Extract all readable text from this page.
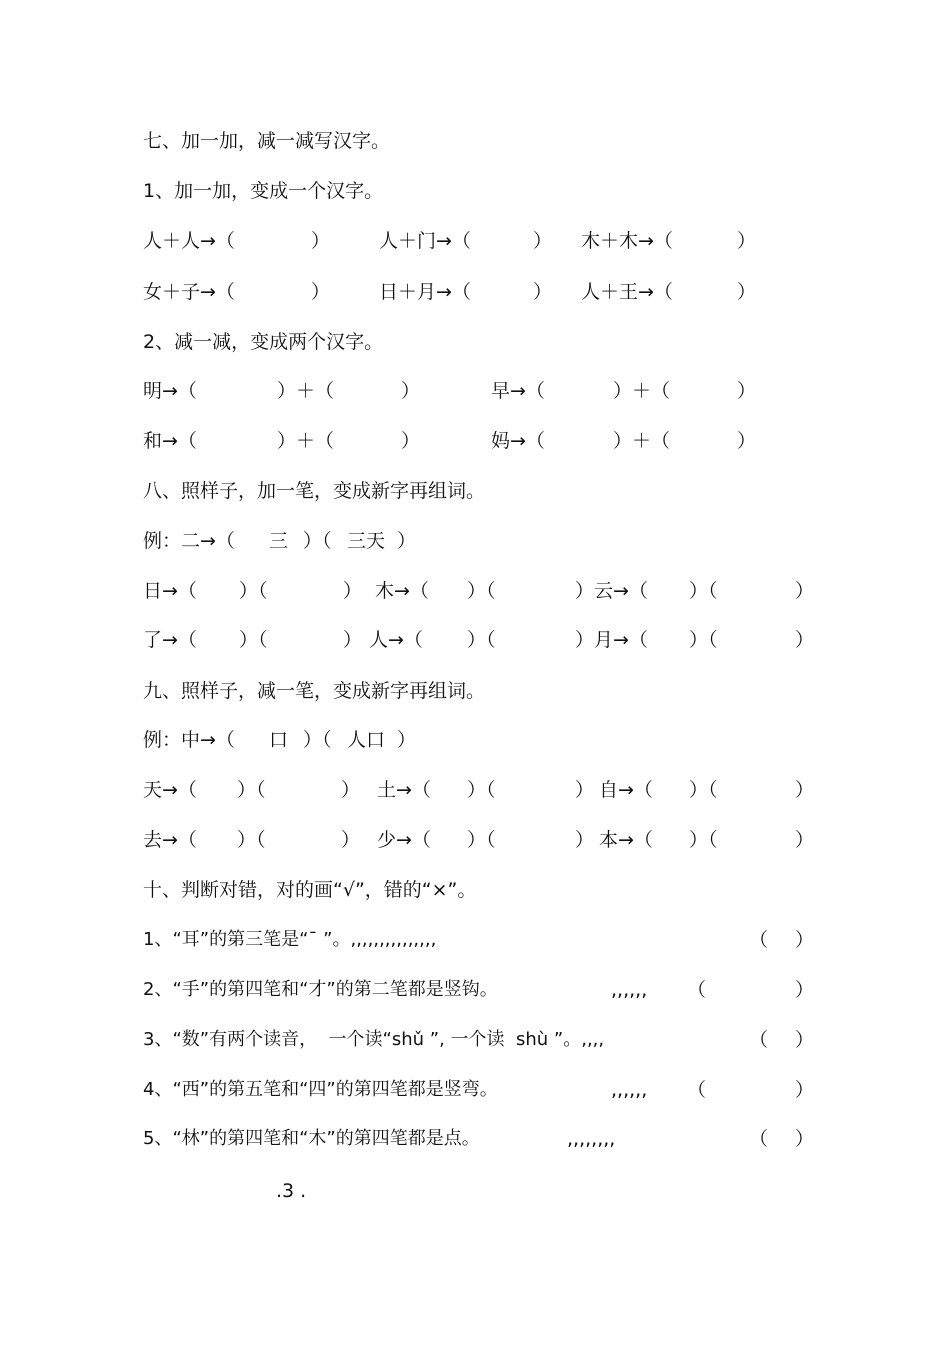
七、加一加，减一减写汉字。
1、加一加，变成一个汉字。
人＋人→（	）	人＋门→（	） 木＋木→（	）
女＋子→（	）	日＋月→（	） 人＋王→（	）
2、减一减，变成两个汉字。
明→（	）＋（	）	早→（	）＋（	）
和→（	）＋（	）	妈→（	）＋（	）
八、照样子，加一笔，变成新字再组词。
例：二→（ 三 ）（ 三天 ）
日→（ ）（	） 木→（ ）（	）云→（ ）（	）
了→（ ）（	） 人→（ ）（	）月→（ ）（	）
九、照样子，减一笔，变成新字再组词。
例：中→（ 口 ）（ 人口 ）
天→（ ）（	） 土→（ ）（	） 自→（ ）（	）
去→（ ）（	） 少→（ ）（	） 本→（ ）（	）
十、判断对错，对的画“√”，错的“×”。
1、“耳”的第三笔是“ˉ ”。,,,,,,,,,,,,,,,	（ ）
2、“手”的第四笔和“才”的第二笔都是竖钩。	,,,,,, （	）
3、“数”有两个读音，  一个读“shǔ ”, 一个读  shù ”。,,,,	（ ）
4、“西”的第五笔和“四”的第四笔都是竖弯。	,,,,,, （	）
5、“林”的第四笔和“木”的第四笔都是点。	,,,,,,,,	（ ）
.3 .
